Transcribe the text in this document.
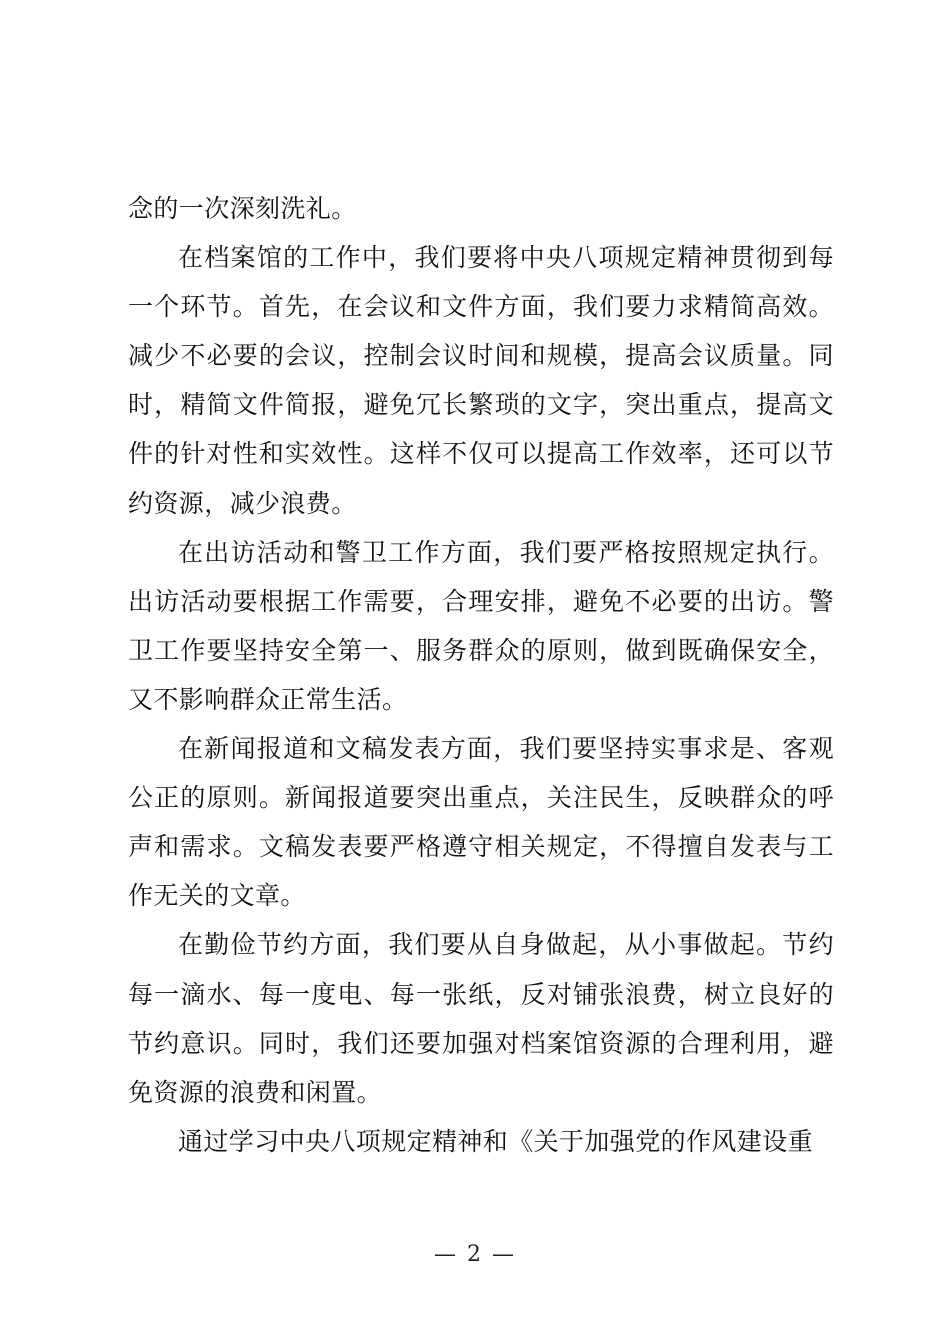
念的一次深刻洗礼。

在档案馆的工作中，我们要将中央八项规定精神贯彻到每一个环节。首先，在会议和文件方面，我们要力求精简高效。减少不必要的会议，控制会议时间和规模，提高会议质量。同时，精简文件简报，避免冗长繁琐的文字，突出重点，提高文件的针对性和实效性。这样不仅可以提高工作效率，还可以节约资源，减少浪费。

在出访活动和警卫工作方面，我们要严格按照规定执行。出访活动要根据工作需要，合理安排，避免不必要的出访。警卫工作要坚持安全第一、服务群众的原则，做到既确保安全，又不影响群众正常生活。

在新闻报道和文稿发表方面，我们要坚持实事求是、客观公正的原则。新闻报道要突出重点，关注民生，反映群众的呼声和需求。文稿发表要严格遵守相关规定，不得擅自发表与工作无关的文章。

在勤俭节约方面，我们要从自身做起，从小事做起。节约每一滴水、每一度电、每一张纸，反对铺张浪费，树立良好的节约意识。同时，我们还要加强对档案馆资源的合理利用，避免资源的浪费和闲置。

通过学习中央八项规定精神和《关于加强党的作风建设重

— 2 —
